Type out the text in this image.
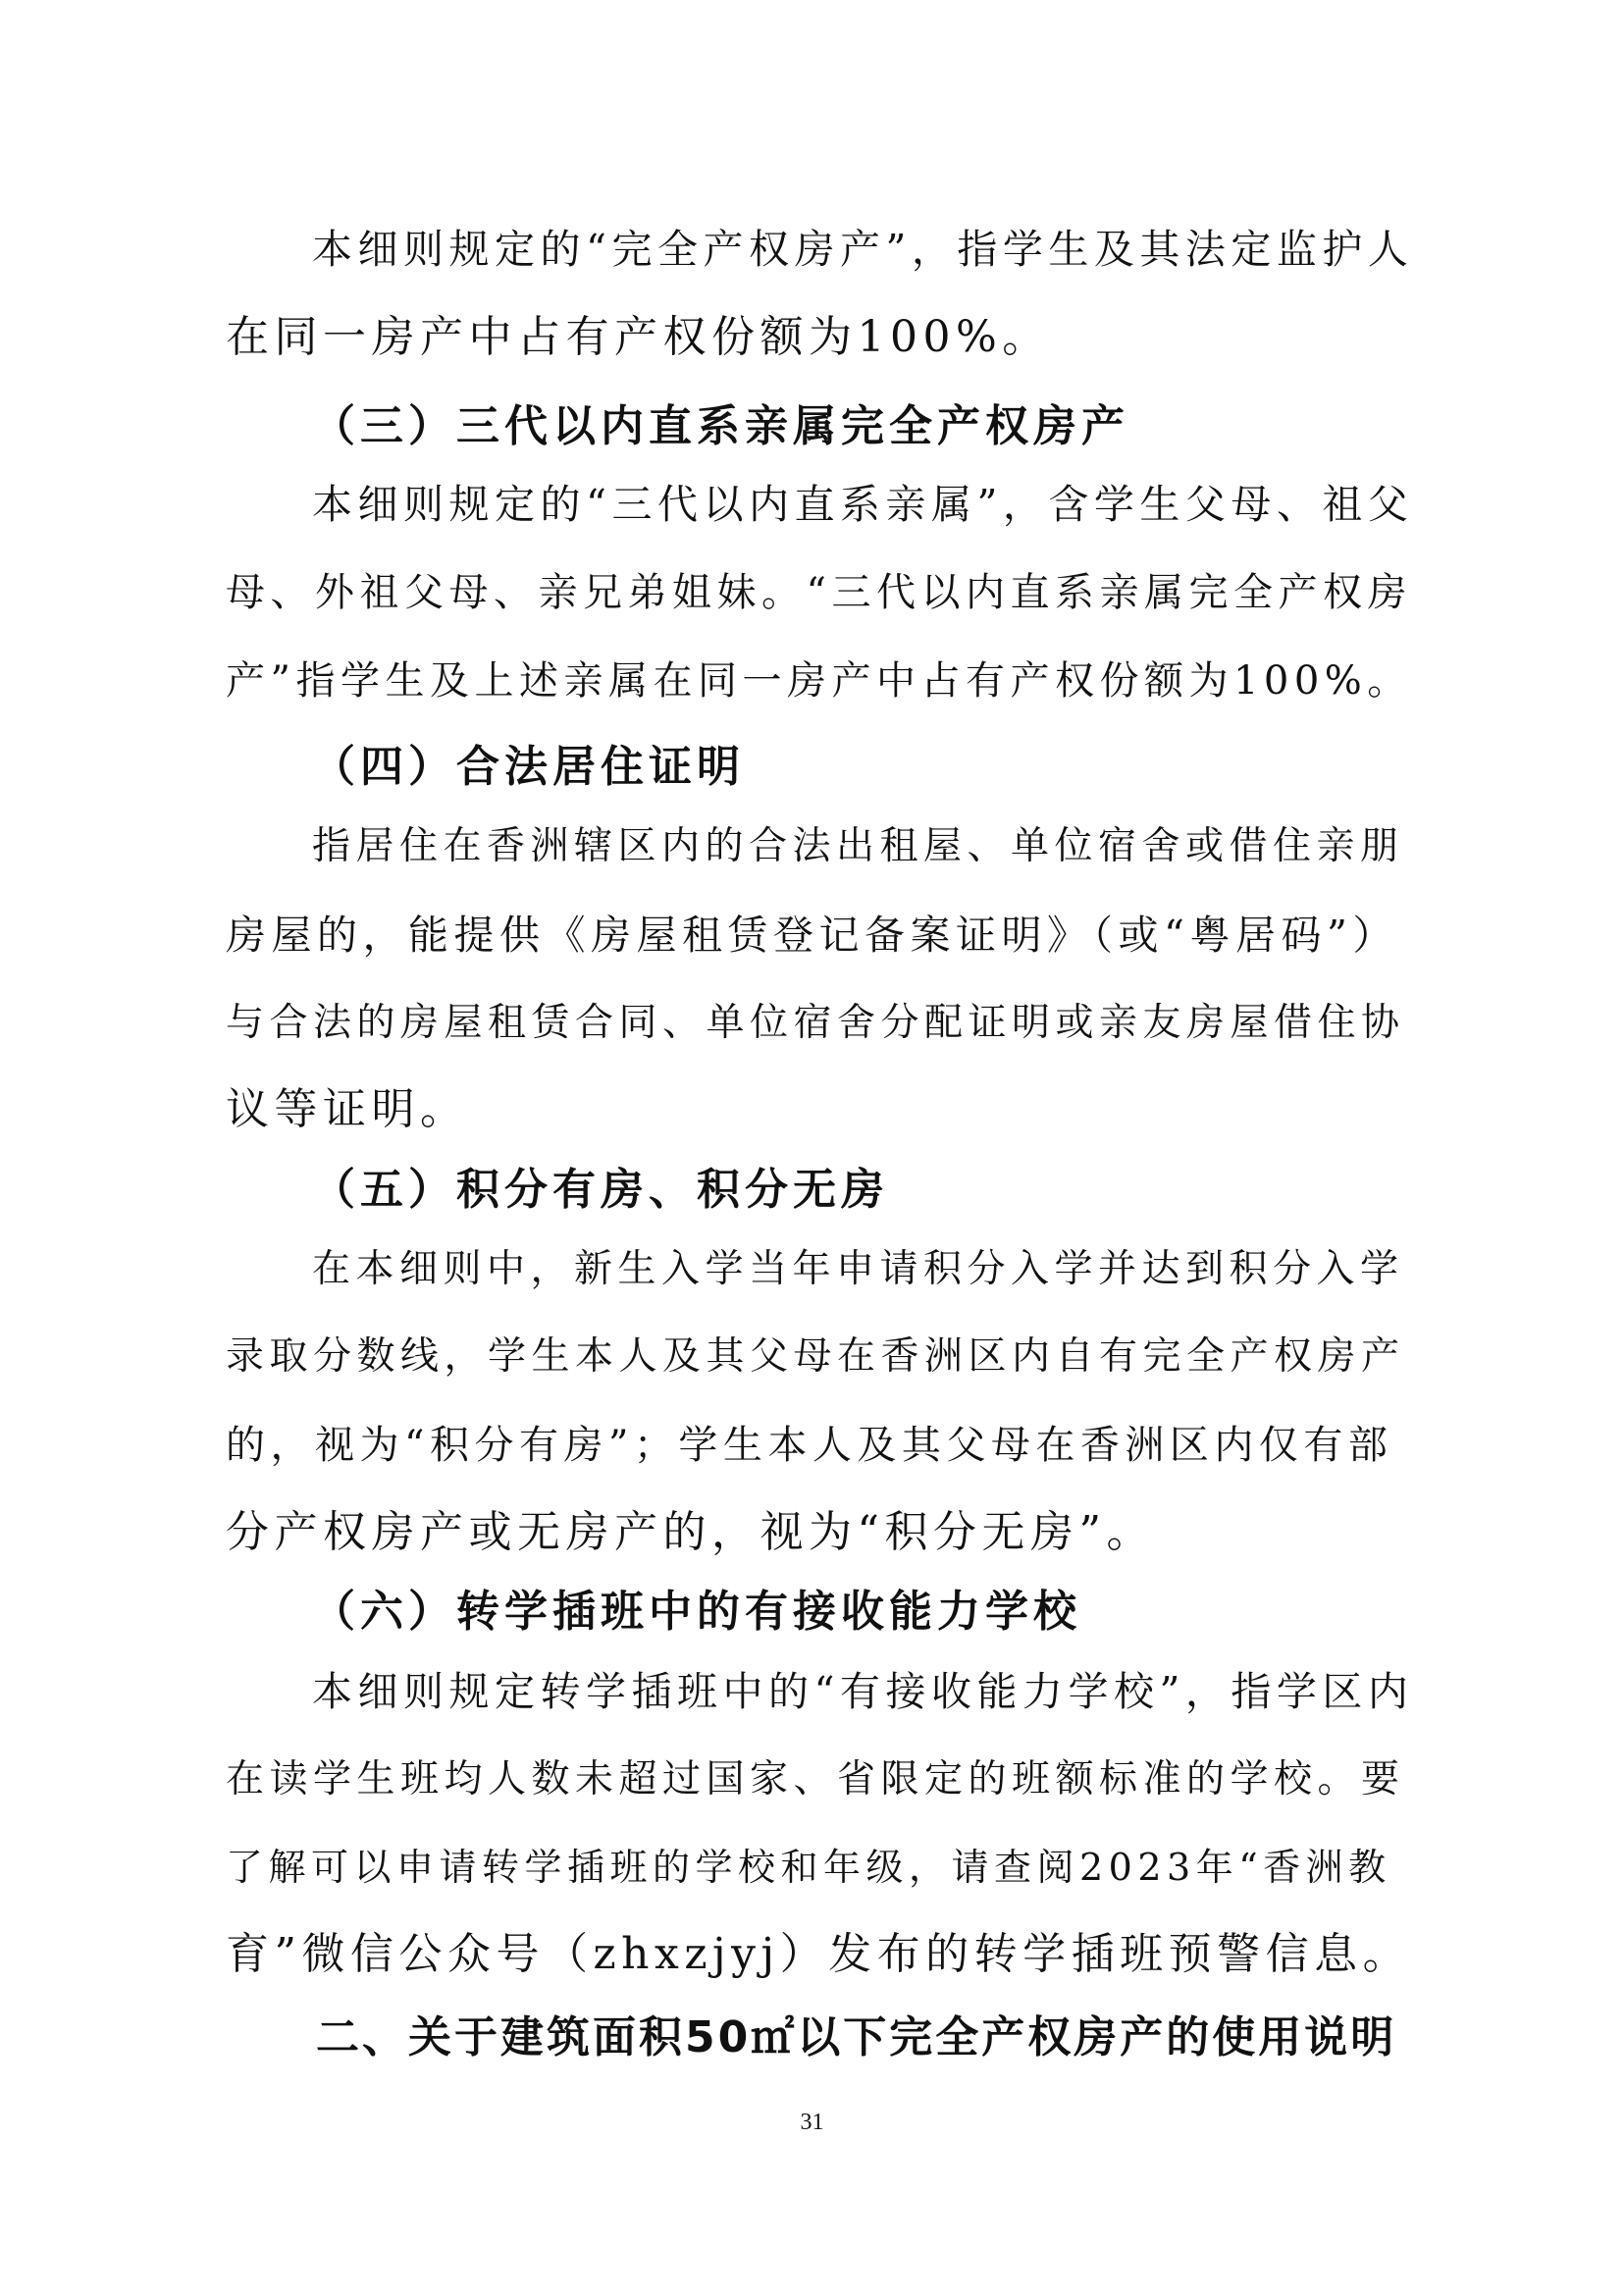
本细则规定的“完全产权房产”，指学生及其法定监护人
在同一房产中占有产权份额为100%。
（三）三代以内直系亲属完全产权房产
本细则规定的“三代以内直系亲属”，含学生父母、祖父
母、外祖父母、亲兄弟姐妹。“三代以内直系亲属完全产权房
产”指学生及上述亲属在同一房产中占有产权份额为100%。
（四）合法居住证明
指居住在香洲辖区内的合法出租屋、单位宿舍或借住亲朋
房屋的，能提供《房屋租赁登记备案证明》（或“粤居码”）
与合法的房屋租赁合同、单位宿舍分配证明或亲友房屋借住协
议等证明。
（五）积分有房、积分无房
在本细则中，新生入学当年申请积分入学并达到积分入学
录取分数线，学生本人及其父母在香洲区内自有完全产权房产
的，视为“积分有房”；学生本人及其父母在香洲区内仅有部
分产权房产或无房产的，视为“积分无房”。
（六）转学插班中的有接收能力学校
本细则规定转学插班中的“有接收能力学校”，指学区内
在读学生班均人数未超过国家、省限定的班额标准的学校。要
了解可以申请转学插班的学校和年级，请查阅2023年“香洲教
育”微信公众号（zhxzjyj）发布的转学插班预警信息。
二、关于建筑面积50㎡以下完全产权房产的使用说明
31
